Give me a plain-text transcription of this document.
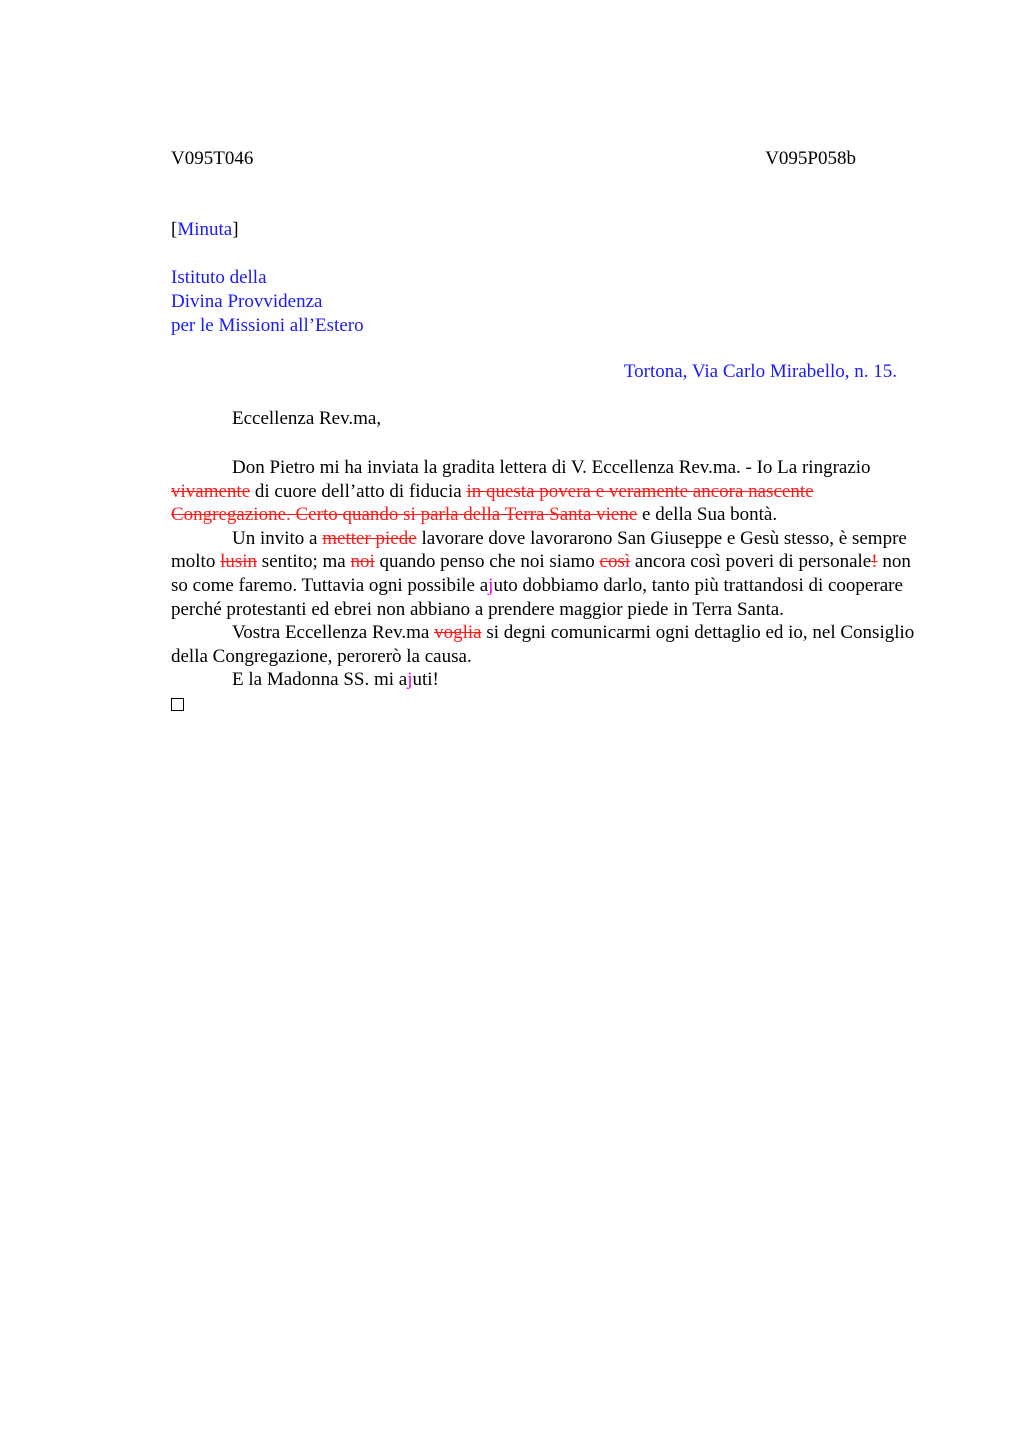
V095T046	V095P058b
[Minuta]
Istituto della
Divina Provvidenza
per le Missioni all’Estero
Tortona, Via Carlo Mirabello, n. 15.
Eccellenza Rev.ma,

Don Pietro mi ha inviata la gradita lettera di V. Eccellenza Rev.ma. - Io La ringrazio vivamente di cuore dell’atto di fiducia in questa povera e veramente ancora nascente Congregazione. Certo quando si parla della Terra Santa viene e della Sua bontà.

Un invito a metter piede lavorare dove lavorarono San Giuseppe e Gesù stesso, è sempre molto lusin sentito; ma noi quando penso che noi siamo così ancora così poveri di personale! non so come faremo. Tuttavia ogni possibile ajuto dobbiamo darlo, tanto più trattandosi di cooperare perché protestanti ed ebrei non abbiano a prendere maggior piede in Terra Santa.

Vostra Eccellenza Rev.ma voglia si degni comunicarmi ogni dettaglio ed io, nel Consiglio della Congregazione, perorerò la causa.

E la Madonna SS. mi ajuti!
